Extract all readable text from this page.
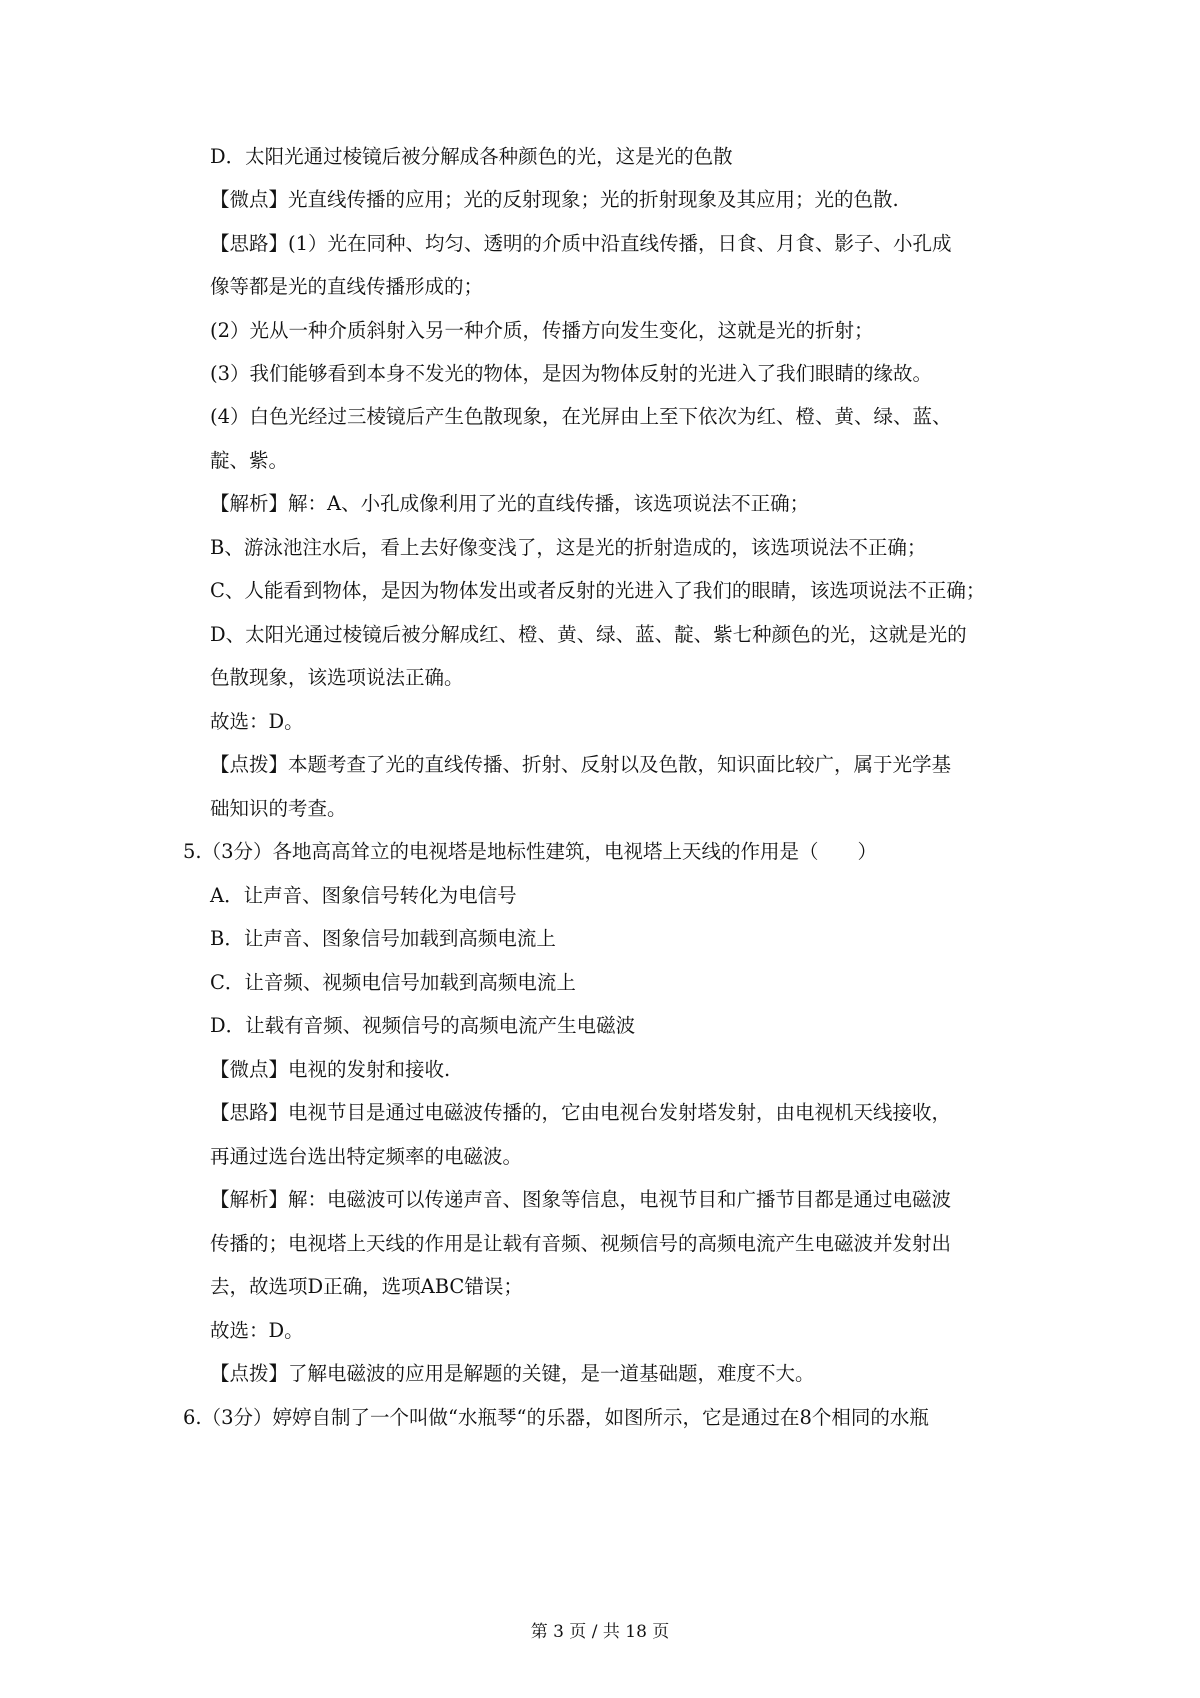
D．太阳光通过棱镜后被分解成各种颜色的光，这是光的色散
【微点】光直线传播的应用；光的反射现象；光的折射现象及其应用；光的色散.
【思路】(1）光在同种、均匀、透明的介质中沿直线传播，日食、月食、影子、小孔成
像等都是光的直线传播形成的；
(2）光从一种介质斜射入另一种介质，传播方向发生变化，这就是光的折射；
(3）我们能够看到本身不发光的物体，是因为物体反射的光进入了我们眼睛的缘故。
(4）白色光经过三棱镜后产生色散现象，在光屏由上至下依次为红、橙、黄、绿、蓝、
靛、紫。
【解析】解：A、小孔成像利用了光的直线传播，该选项说法不正确；
B、游泳池注水后，看上去好像变浅了，这是光的折射造成的，该选项说法不正确；
C、人能看到物体，是因为物体发出或者反射的光进入了我们的眼睛，该选项说法不正确；
D、太阳光通过棱镜后被分解成红、橙、黄、绿、蓝、靛、紫七种颜色的光，这就是光的
色散现象，该选项说法正确。
故选：D。
【点拨】本题考查了光的直线传播、折射、反射以及色散，知识面比较广，属于光学基
础知识的考查。
5.（3分）各地高高耸立的电视塔是地标性建筑，电视塔上天线的作用是（　　）
A．让声音、图象信号转化为电信号
B．让声音、图象信号加载到高频电流上
C．让音频、视频电信号加载到高频电流上
D．让载有音频、视频信号的高频电流产生电磁波
【微点】电视的发射和接收.
【思路】电视节目是通过电磁波传播的，它由电视台发射塔发射，由电视机天线接收，
再通过选台选出特定频率的电磁波。
【解析】解：电磁波可以传递声音、图象等信息，电视节目和广播节目都是通过电磁波
传播的；电视塔上天线的作用是让载有音频、视频信号的高频电流产生电磁波并发射出
去，故选项D正确，选项ABC错误；
故选：D。
【点拨】了解电磁波的应用是解题的关键，是一道基础题，难度不大。
6.（3分）婷婷自制了一个叫做“水瓶琴“的乐器，如图所示，它是通过在8个相同的水瓶
第 3 页 / 共 18 页
